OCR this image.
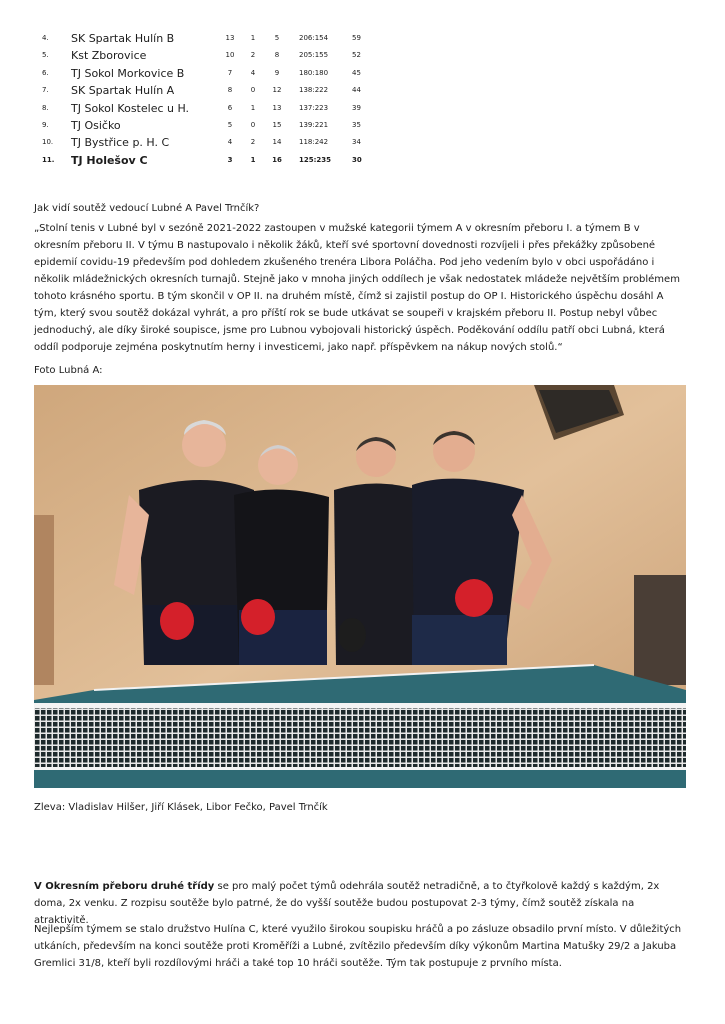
4.	SK Spartak Hulín B	13	1	5	206:154	59
5.	Kst Zborovice	10	2	8	205:155	52
6.	TJ Sokol Morkovice B	7	4	9	180:180	45
7.	SK Spartak Hulín A	8	0	12	138:222	44
8.	TJ Sokol Kostelec u H.	6	1	13	137:223	39
9.	TJ Osičko	5	0	15	139:221	35
10.	TJ Bystřice p. H. C	4	2	14	118:242	34
11.	TJ Holešov C	3	1	16	125:235	30
Jak vidí soutěž vedoucí Lubné A Pavel Trnčík?
„Stolní tenis v Lubné byl v sezóně 2021-2022 zastoupen v mužské kategorii týmem A v okresním přeboru I. a týmem B v okresním přeboru II. V týmu B nastupovalo i několik žáků, kteří své sportovní dovednosti rozvíjeli i přes překážky způsobené epidemií covidu-19 především pod dohledem zkušeného trenéra Libora Poláčha. Pod jeho vedením bylo v obci uspořádáno i několik mládežnických okresních turnajů. Stejně jako v mnoha jiných oddílech je však nedostatek mládeže největším problémem tohoto krásného sportu. B tým skončil v OP II. na druhém místě, čímž si zajistil postup do OP I. Historického úspěchu dosáhl A tým, který svou soutěž dokázal vyhrát, a pro příští rok se bude utkávat se soupeři v krajském přeboru II. Postup nebyl vůbec jednoduchý, ale díky široké soupisce, jsme pro Lubnou vybojovali historický úspěch. Poděkování oddílu patří obci Lubná, která oddíl podporuje zejména poskytnutím herny i investicemi, jako např. příspěvkem na nákup nových stolů.“
Foto Lubná A:
Zleva: Vladislav Hilšer, Jiří Klásek, Libor Fečko, Pavel Trnčík
V Okresním přeboru druhé třídy se pro malý počet týmů odehrála soutěž netradičně, a to čtyřkolově každý s každým, 2x doma, 2x venku. Z rozpisu soutěže bylo patrné, že do vyšší soutěže budou postupovat 2-3 týmy, čímž soutěž získala na atraktivitě.
Nejlepším týmem se stalo družstvo Hulína C, které využilo širokou soupisku hráčů a po zásluze obsadilo první místo. V důležitých utkáních, především na konci soutěže proti Kroměříži a Lubné, zvítězilo především díky výkonům Martina Matušky 29/2 a Jakuba Gremlici 31/8, kteří byli rozdílovými hráči a také top 10 hráči soutěže. Tým tak postupuje z prvního místa.
